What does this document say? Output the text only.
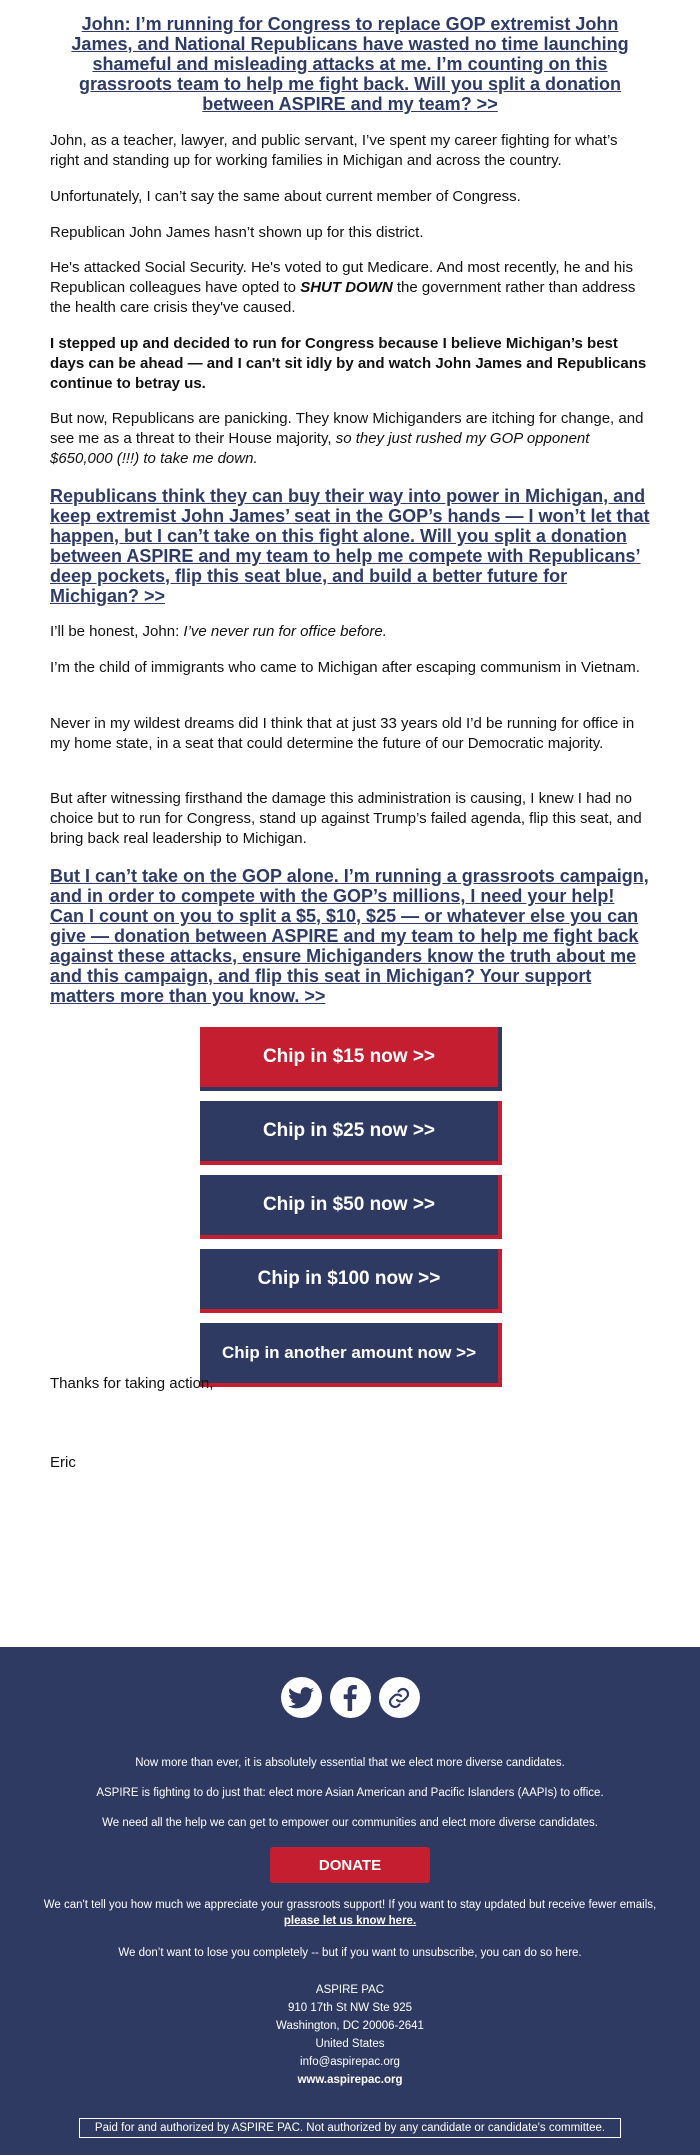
John: I’m running for Congress to replace GOP extremist John James, and National Republicans have wasted no time launching shameful and misleading attacks at me. I’m counting on this grassroots team to help me fight back. Will you split a donation between ASPIRE and my team? >>

John, as a teacher, lawyer, and public servant, I’ve spent my career fighting for what’s right and standing up for working families in Michigan and across the country.

Unfortunately, I can’t say the same about current member of Congress.

Republican John James hasn’t shown up for this district.

He's attacked Social Security. He's voted to gut Medicare. And most recently, he and his Republican colleagues have opted to SHUT DOWN the government rather than address the health care crisis they've caused.

I stepped up and decided to run for Congress because I believe Michigan’s best days can be ahead — and I can't sit idly by and watch John James and Republicans continue to betray us.

But now, Republicans are panicking. They know Michiganders are itching for change, and see me as a threat to their House majority, so they just rushed my GOP opponent $650,000 (!!!) to take me down.

Republicans think they can buy their way into power in Michigan, and keep extremist John James’ seat in the GOP’s hands — I won’t let that happen, but I can’t take on this fight alone. Will you split a donation between ASPIRE and my team to help me compete with Republicans’ deep pockets, flip this seat blue, and build a better future for Michigan? >>

I’ll be honest, John: I’ve never run for office before.

I’m the child of immigrants who came to Michigan after escaping communism in Vietnam.

Never in my wildest dreams did I think that at just 33 years old I’d be running for office in my home state, in a seat that could determine the future of our Democratic majority.

But after witnessing firsthand the damage this administration is causing, I knew I had no choice but to run for Congress, stand up against Trump’s failed agenda, flip this seat, and bring back real leadership to Michigan.

But I can’t take on the GOP alone. I’m running a grassroots campaign, and in order to compete with the GOP’s millions, I need your help! Can I count on you to split a $5, $10, $25 — or whatever else you can give — donation between ASPIRE and my team to help me fight back against these attacks, ensure Michiganders know the truth about me and this campaign, and flip this seat in Michigan? Your support matters more than you know. >>

Chip in $15 now >>
Chip in $25 now >>
Chip in $50 now >>
Chip in $100 now >>
Chip in another amount now >>

Thanks for taking action,

Eric

Now more than ever, it is absolutely essential that we elect more diverse candidates.

ASPIRE is fighting to do just that: elect more Asian American and Pacific Islanders (AAPIs) to office.

We need all the help we can get to empower our communities and elect more diverse candidates.

DONATE

We can't tell you how much we appreciate your grassroots support! If you want to stay updated but receive fewer emails,

please let us know here.

We don’t want to lose you completely -- but if you want to unsubscribe, you can do so here.

ASPIRE PAC

910 17th St NW Ste 925

Washington, DC 20006-2641

United States

info@aspirepac.org

www.aspirepac.org

Paid for and authorized by ASPIRE PAC. Not authorized by any candidate or candidate's committee.
